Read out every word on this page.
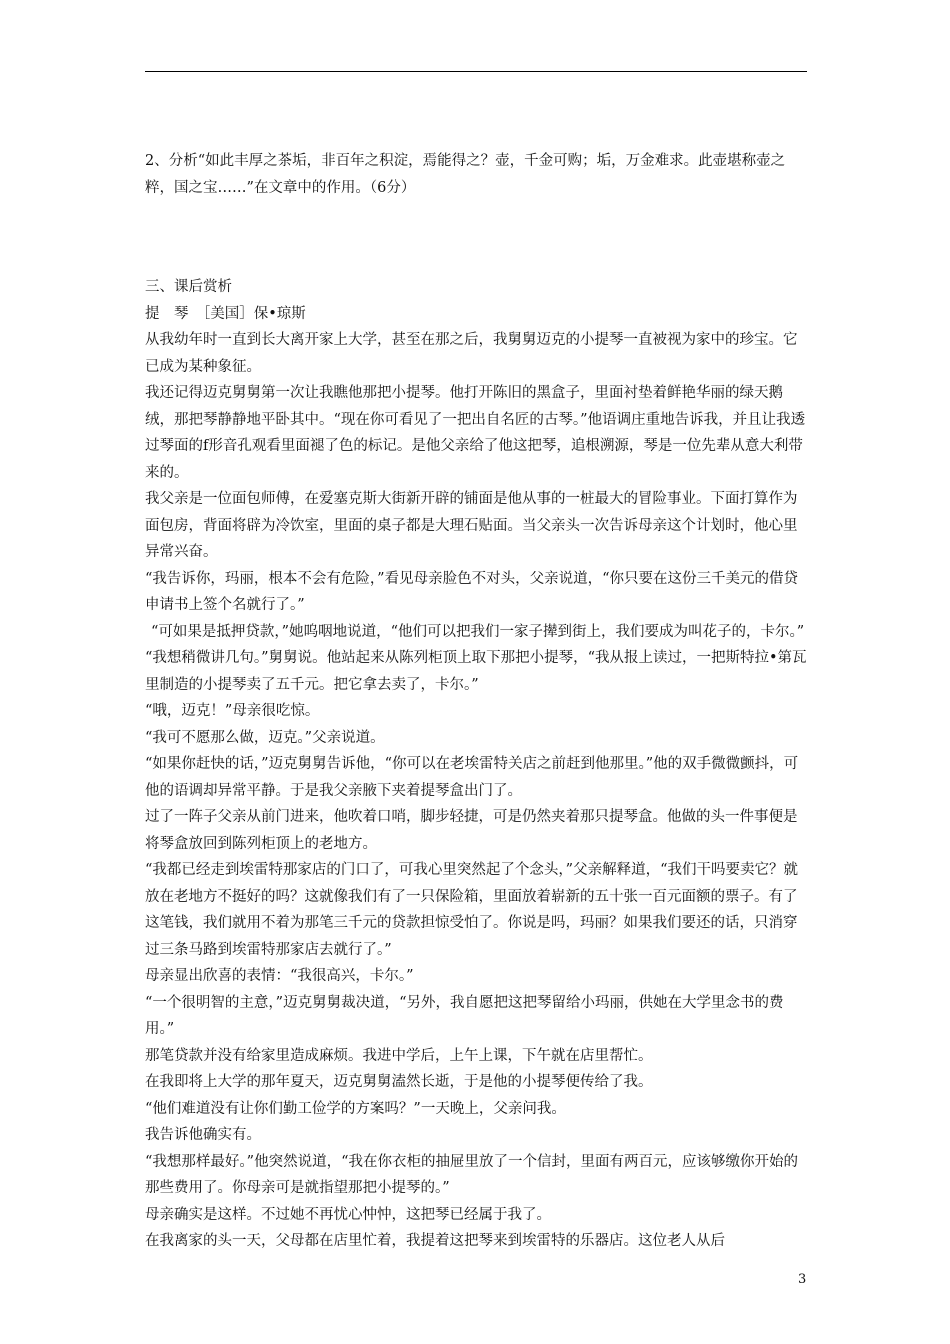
2、分析“如此丰厚之茶垢，非百年之积淀，焉能得之？壶，千金可购；垢，万金难求。此壶堪称壶之粹，国之宝……”在文章中的作用。（6分）

三、课后赏析

提　琴　［美国］保•琼斯

从我幼年时一直到长大离开家上大学，甚至在那之后，我舅舅迈克的小提琴一直被视为家中的珍宝。它已成为某种象征。

我还记得迈克舅舅第一次让我瞧他那把小提琴。他打开陈旧的黑盒子，里面衬垫着鲜艳华丽的绿天鹅绒，那把琴静静地平卧其中。“现在你可看见了一把出自名匠的古琴。”他语调庄重地告诉我，并且让我透过琴面的f形音孔观看里面褪了色的标记。是他父亲给了他这把琴，追根溯源，琴是一位先辈从意大利带来的。

我父亲是一位面包师傅，在爱塞克斯大街新开辟的铺面是他从事的一桩最大的冒险事业。下面打算作为面包房，背面将辟为冷饮室，里面的桌子都是大理石贴面。当父亲头一次告诉母亲这个计划时，他心里异常兴奋。

“我告诉你，玛丽，根本不会有危险，”看见母亲脸色不对头，父亲说道，“你只要在这份三千美元的借贷申请书上签个名就行了。”

“可如果是抵押贷款，”她呜咽地说道，“他们可以把我们一家子撵到街上，我们要成为叫花子的，卡尔。”

“我想稍微讲几句。”舅舅说。他站起来从陈列柜顶上取下那把小提琴，“我从报上读过，一把斯特拉•第瓦里制造的小提琴卖了五千元。把它拿去卖了，卡尔。”

“哦，迈克！”母亲很吃惊。

“我可不愿那么做，迈克。”父亲说道。

“如果你赶快的话，”迈克舅舅告诉他，“你可以在老埃雷特关店之前赶到他那里。”他的双手微微颤抖，可他的语调却异常平静。于是我父亲腋下夹着提琴盒出门了。

过了一阵子父亲从前门进来，他吹着口哨，脚步轻捷，可是仍然夹着那只提琴盒。他做的头一件事便是将琴盒放回到陈列柜顶上的老地方。

“我都已经走到埃雷特那家店的门口了，可我心里突然起了个念头，”父亲解释道，“我们干吗要卖它？就放在老地方不挺好的吗？这就像我们有了一只保险箱，里面放着崭新的五十张一百元面额的票子。有了这笔钱，我们就用不着为那笔三千元的贷款担惊受怕了。你说是吗，玛丽？如果我们要还的话，只消穿过三条马路到埃雷特那家店去就行了。”

母亲显出欣喜的表情：“我很高兴，卡尔。”

“一个很明智的主意，”迈克舅舅裁决道，“另外，我自愿把这把琴留给小玛丽，供她在大学里念书的费用。”

那笔贷款并没有给家里造成麻烦。我进中学后，上午上课，下午就在店里帮忙。

在我即将上大学的那年夏天，迈克舅舅溘然长逝，于是他的小提琴便传给了我。

“他们难道没有让你们勤工俭学的方案吗？”一天晚上，父亲问我。

我告诉他确实有。

“我想那样最好。”他突然说道，“我在你衣柜的抽屉里放了一个信封，里面有两百元，应该够缴你开始的那些费用了。你母亲可是就指望那把小提琴的。”

母亲确实是这样。不过她不再忧心忡忡，这把琴已经属于我了。

在我离家的头一天，父母都在店里忙着，我提着这把琴来到埃雷特的乐器店。这位老人从后

3
